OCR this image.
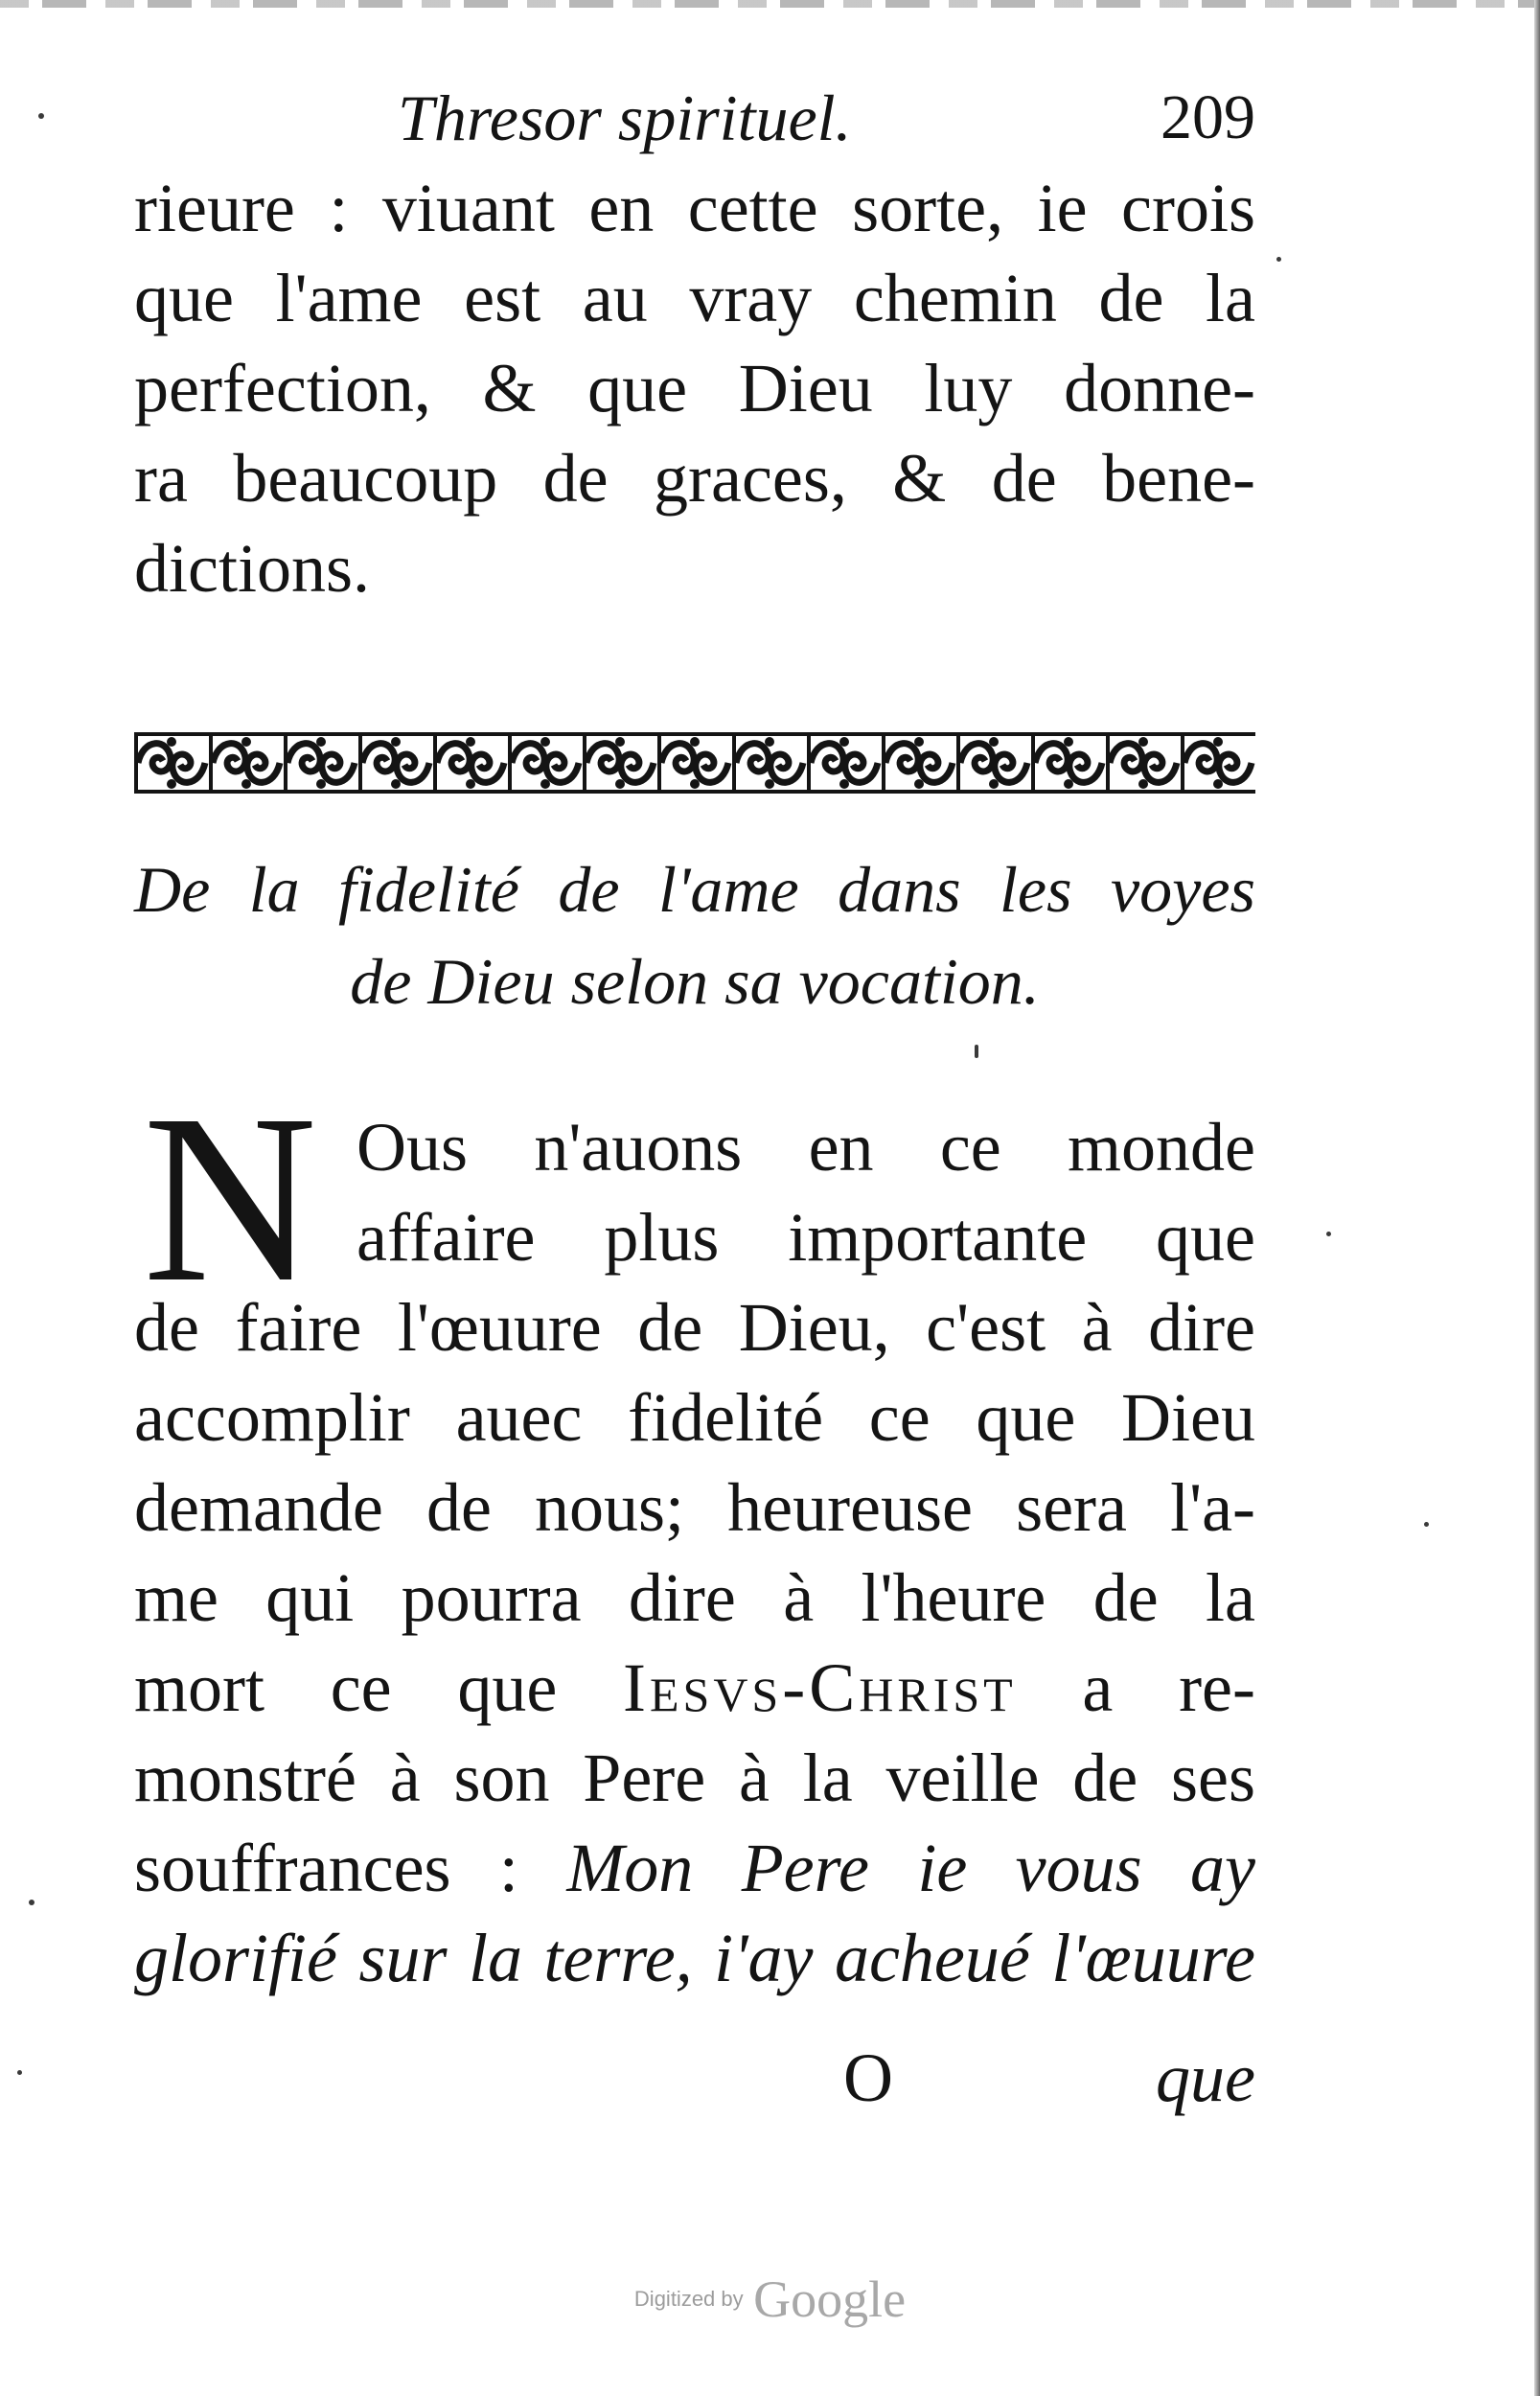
Thresor spirituel.	209
rieure : viuant en cette sorte, ie crois
que l'ame est au vray chemin de la
perfection, & que Dieu luy donne-
ra beaucoup de graces, & de bene-
dictions.
De la fidelité de l'ame dans les voyes
de Dieu selon sa vocation.
N Ous n'auons en ce monde
affaire plus importante que
de faire l'œuure de Dieu, c'est à dire
accomplir auec fidelité ce que Dieu
demande de nous; heureuse sera l'a-
me qui pourra dire à l'heure de la
mort ce que Iesvs-Christ a re-
monstré à son Pere à la veille de ses
souffrances : Mon Pere ie vous ay
glorifié sur la terre, i'ay acheué l'œuure
O	que
Digitized by Google
